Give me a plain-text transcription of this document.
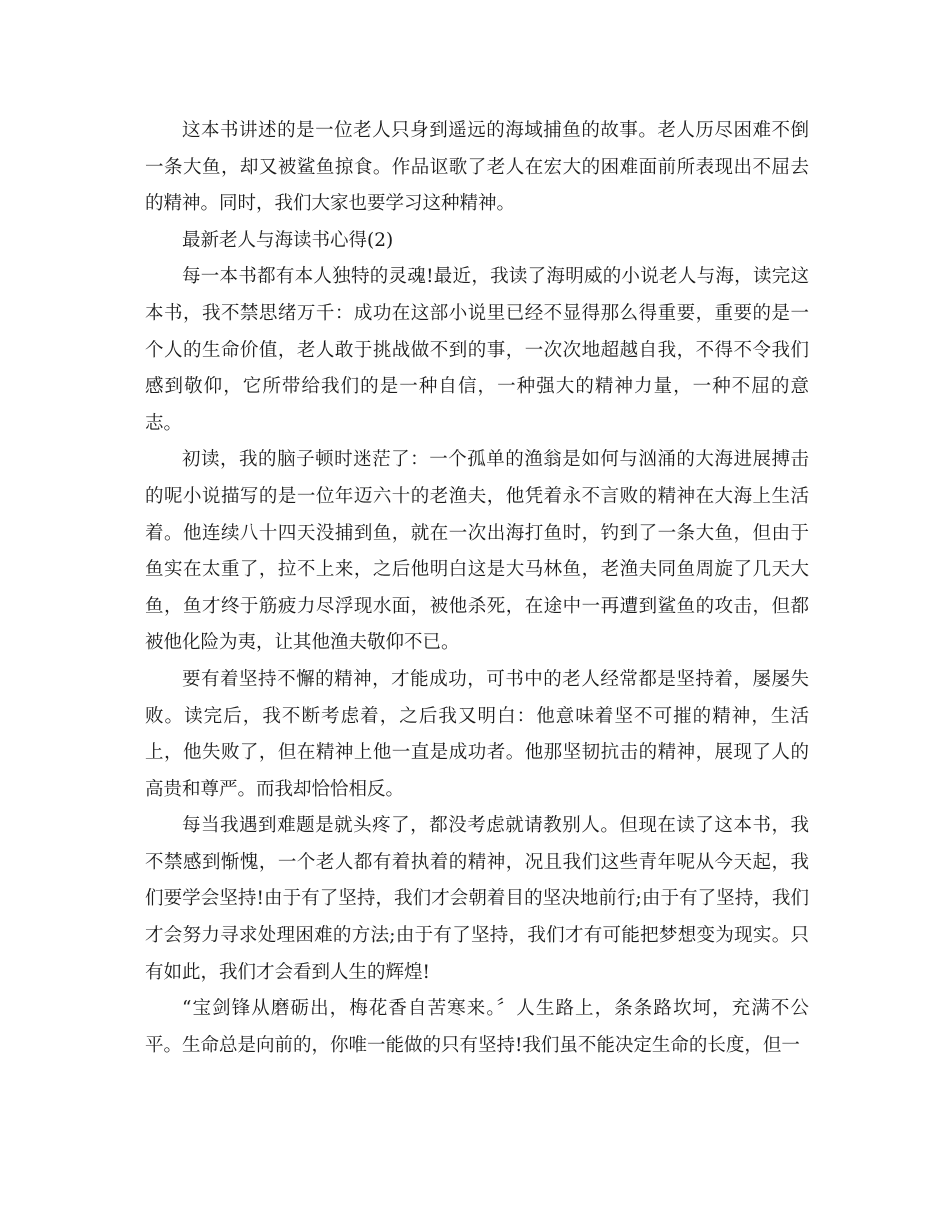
这本书讲述的是一位老人只身到遥远的海域捕鱼的故事。老人历尽困难不倒一条大鱼，却又被鲨鱼掠食。作品讴歌了老人在宏大的困难面前所表现出不屈去的精神。同时，我们大家也要学习这种精神。

最新老人与海读书心得(2)

每一本书都有本人独特的灵魂!最近，我读了海明威的小说老人与海，读完这本书，我不禁思绪万千：成功在这部小说里已经不显得那么得重要，重要的是一个人的生命价值，老人敢于挑战做不到的事，一次次地超越自我，不得不令我们感到敬仰，它所带给我们的是一种自信，一种强大的精神力量，一种不屈的意志。

初读，我的脑子顿时迷茫了：一个孤单的渔翁是如何与汹涌的大海进展搏击的呢小说描写的是一位年迈六十的老渔夫，他凭着永不言败的精神在大海上生活着。他连续八十四天没捕到鱼，就在一次出海打鱼时，钓到了一条大鱼，但由于鱼实在太重了，拉不上来，之后他明白这是大马林鱼，老渔夫同鱼周旋了几天大鱼，鱼才终于筋疲力尽浮现水面，被他杀死，在途中一再遭到鲨鱼的攻击，但都被他化险为夷，让其他渔夫敬仰不已。

要有着坚持不懈的精神，才能成功，可书中的老人经常都是坚持着，屡屡失败。读完后，我不断考虑着，之后我又明白：他意味着坚不可摧的精神，生活上，他失败了，但在精神上他一直是成功者。他那坚韧抗击的精神，展现了人的高贵和尊严。而我却恰恰相反。

每当我遇到难题是就头疼了，都没考虑就请教别人。但现在读了这本书，我不禁感到惭愧，一个老人都有着执着的精神，况且我们这些青年呢从今天起，我们要学会坚持!由于有了坚持，我们才会朝着目的坚决地前行;由于有了坚持，我们才会努力寻求处理困难的方法;由于有了坚持，我们才有可能把梦想变为现实。只有如此，我们才会看到人生的辉煌!

“宝剑锋从磨砺出，梅花香自苦寒来。〞人生路上，条条路坎坷，充满不公平。生命总是向前的，你唯一能做的只有坚持!我们虽不能决定生命的长度，但一
